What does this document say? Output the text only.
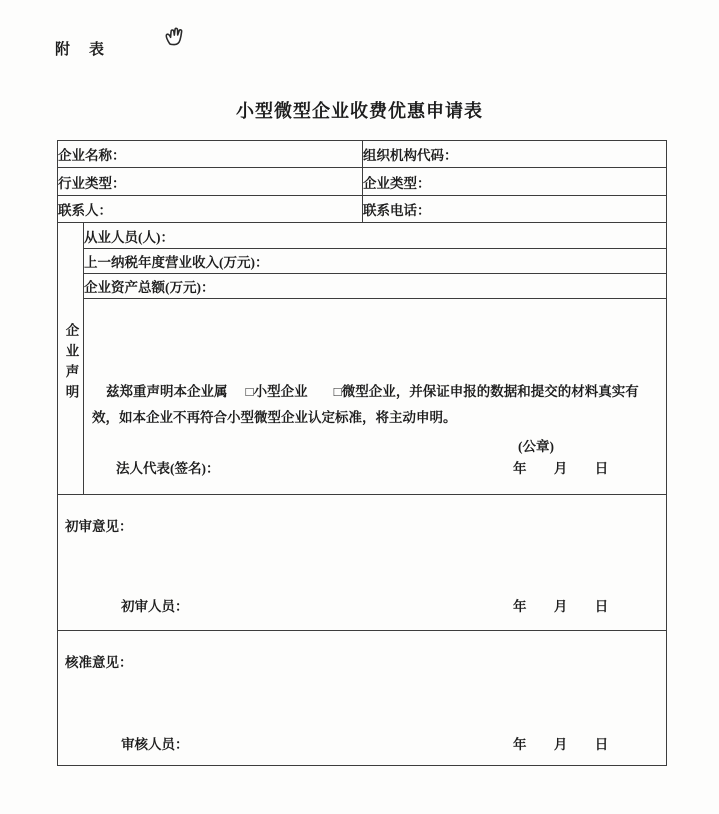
附　表
小型微型企业收费优惠申请表
企业名称：		组织机构代码：
行业类型：		企业类型：
联系人：		联系电话：
企业声明	从业人员(人)：	
	上一纳税年度营业收入(万元)：	
	企业资产总额(万元)：	

	兹郑重声明本企业属 □小型企业 □微型企业，并保证申报的数据和提交的材料真实有效，如本企业不再符合小型微型企业认定标准，将主动申明。

(公章)
法人代表(签名)： 年 月 日	

初审意见：
初审人员： 年 月 日		

核准意见：
审核人员： 年 月 日		
